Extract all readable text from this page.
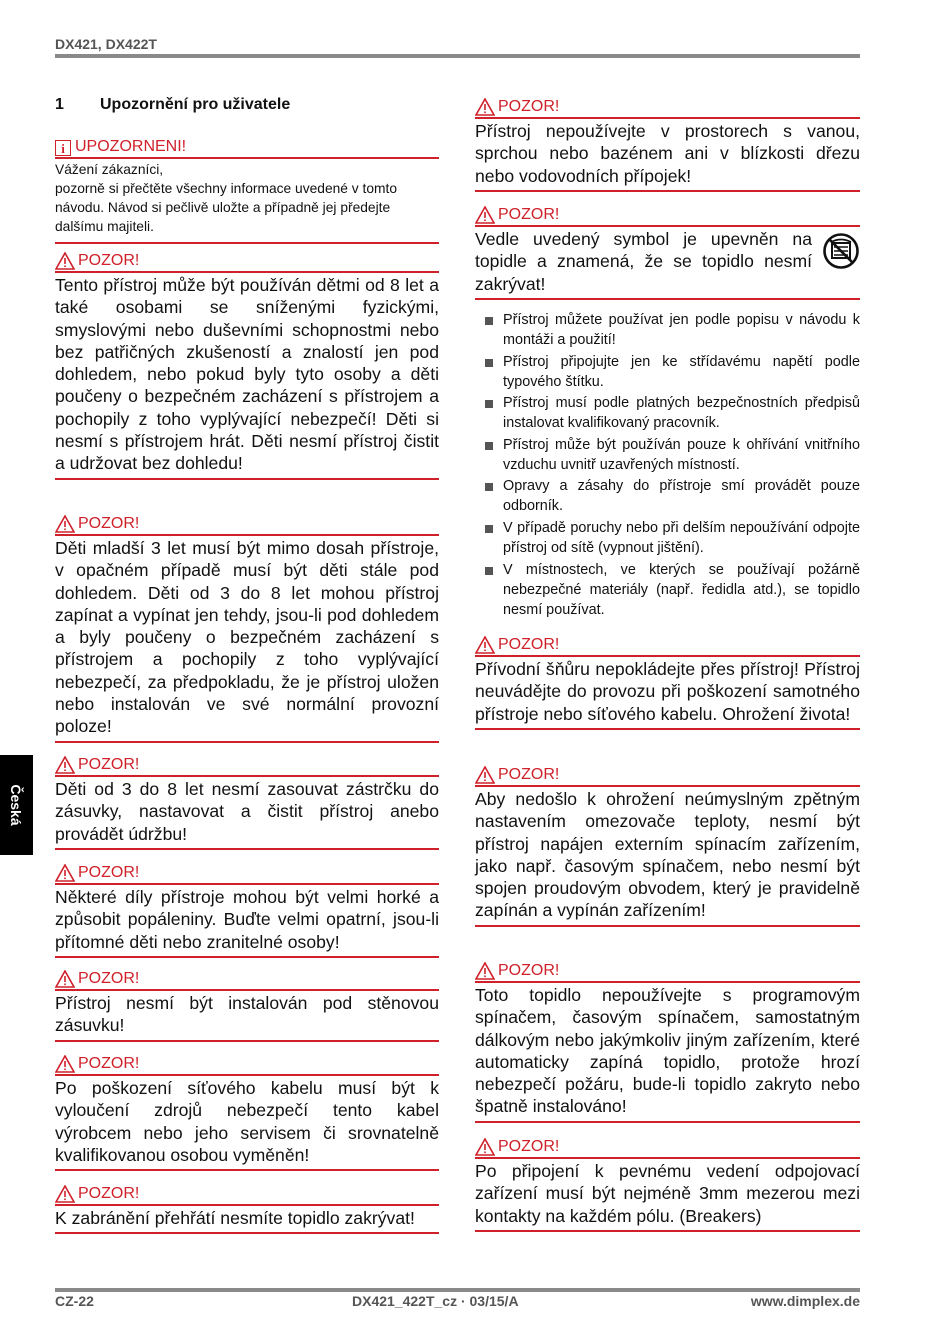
DX421, DX422T
Česká
1 Upozornění pro uživatele
i UPOZORNENI!
Vážení zákazníci,
pozorně si přečtěte všechny informace uvedené v tomto návodu. Návod si pečlivě uložte a případně jej předejte dalšímu majiteli.
POZOR!
Tento přístroj může být používán dětmi od 8 let a také osobami se sníženými fyzickými, smyslovými nebo duševními schopnostmi nebo bez patřičných zkušeností a znalostí jen pod dohledem, nebo pokud byly tyto osoby a děti poučeny o bezpečném zacházení s přístrojem a pochopily z toho vyplývající nebezpečí! Děti si nesmí s přístrojem hrát. Děti nesmí přístroj čistit a udržovat bez dohledu!
POZOR!
Děti mladší 3 let musí být mimo dosah přístroje, v opačném případě musí být děti stále pod dohledem. Děti od 3 do 8 let mohou přístroj zapínat a vypínat jen tehdy, jsou-li pod dohledem a byly poučeny o bezpečném zacházení s přístrojem a pochopily z toho vyplývající nebezpečí, za předpokladu, že je přístroj uložen nebo instalován ve své normální provozní poloze!
POZOR!
Děti od 3 do 8 let nesmí zasouvat zástrčku do zásuvky, nastavovat a čistit přístroj anebo provádět údržbu!
POZOR!
Některé díly přístroje mohou být velmi horké a způsobit popáleniny. Buďte velmi opatrní, jsou-li přítomné děti nebo zranitelné osoby!
POZOR!
Přístroj nesmí být instalován pod stěnovou zásuvku!
POZOR!
Po poškození síťového kabelu musí být k vyloučení zdrojů nebezpečí tento kabel výrobcem nebo jeho servisem či srovnatelně kvalifikovanou osobou vyměněn!
POZOR!
K zabránění přehřátí nesmíte topidlo zakrývat!
POZOR!
Přístroj nepoužívejte v prostorech s vanou, sprchou nebo bazénem ani v blízkosti dřezu nebo vodovodních přípojek!
POZOR!
Vedle uvedený symbol je upevněn na topidle a znamená, že se topidlo nesmí zakrývat!
Přístroj můžete používat jen podle popisu v návodu k montáži a použití!
Přístroj připojujte jen ke střídavému napětí podle typového štítku.
Přístroj musí podle platných bezpečnostních předpisů instalovat kvalifikovaný pracovník.
Přístroj může být používán pouze k ohřívání vnitřního vzduchu uvnitř uzavřených místností.
Opravy a zásahy do přístroje smí provádět pouze odborník.
V případě poruchy nebo při delším nepoužívání odpojte přístroj od sítě (vypnout jištění).
V místnostech, ve kterých se používají požárně nebezpečné materiály (např. ředidla atd.), se topidlo nesmí používat.
POZOR!
Přívodní šňůru nepokládejte přes přístroj! Přístroj neuvádějte do provozu při poškození samotného přístroje nebo síťového kabelu. Ohrožení života!
POZOR!
Aby nedošlo k ohrožení neúmyslným zpětným nastavením omezovače teploty, nesmí být přístroj napájen externím spínacím zařízením, jako např. časovým spínačem, nebo nesmí být spojen proudovým obvodem, který je pravidelně zapínán a vypínán zařízením!
POZOR!
Toto topidlo nepoužívejte s programovým spínačem, časovým spínačem, samostatným dálkovým nebo jakýmkoliv jiným zařízením, které automaticky zapíná topidlo, protože hrozí nebezpečí požáru, bude-li topidlo zakryto nebo špatně instalováno!
POZOR!
Po připojení k pevnému vedení odpojovací zařízení musí být nejméně 3mm mezerou mezi kontakty na každém pólu. (Breakers)
CZ-22	DX421_422T_cz · 03/15/A	www.dimplex.de
